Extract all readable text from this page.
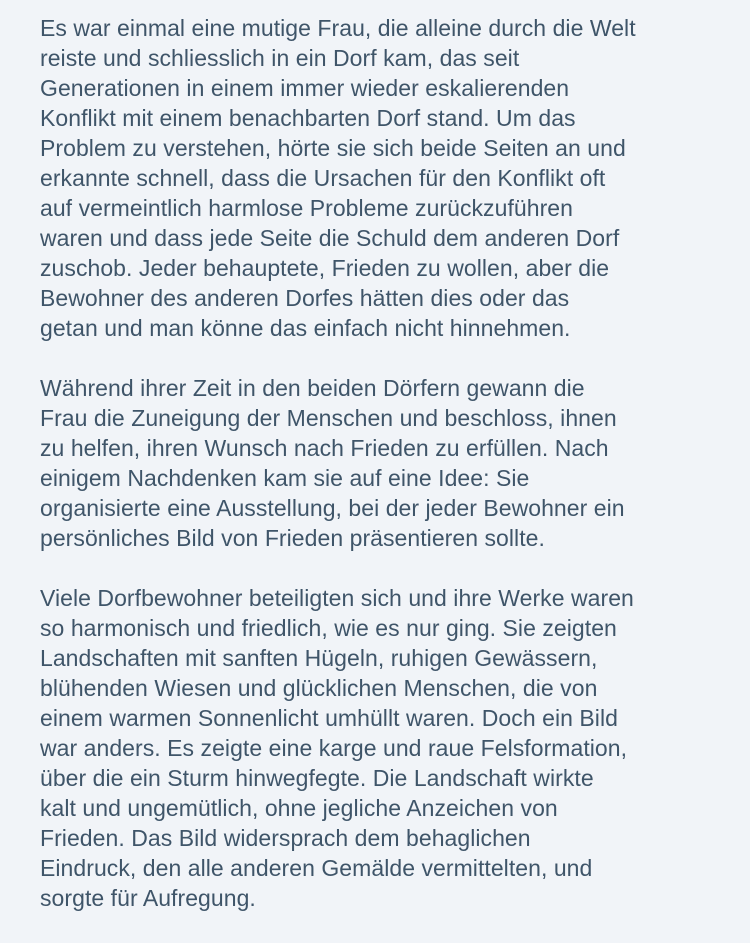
Es war einmal eine mutige Frau, die alleine durch die Welt
reiste und schliesslich in ein Dorf kam, das seit
Generationen in einem immer wieder eskalierenden
Konflikt mit einem benachbarten Dorf stand. Um das
Problem zu verstehen, hörte sie sich beide Seiten an und
erkannte schnell, dass die Ursachen für den Konflikt oft
auf vermeintlich harmlose Probleme zurückzuführen
waren und dass jede Seite die Schuld dem anderen Dorf
zuschob. Jeder behauptete, Frieden zu wollen, aber die
Bewohner des anderen Dorfes hätten dies oder das
getan und man könne das einfach nicht hinnehmen.
Während ihrer Zeit in den beiden Dörfern gewann die
Frau die Zuneigung der Menschen und beschloss, ihnen
zu helfen, ihren Wunsch nach Frieden zu erfüllen. Nach
einigem Nachdenken kam sie auf eine Idee: Sie
organisierte eine Ausstellung, bei der jeder Bewohner ein
persönliches Bild von Frieden präsentieren sollte.
Viele Dorfbewohner beteiligten sich und ihre Werke waren
so harmonisch und friedlich, wie es nur ging. Sie zeigten
Landschaften mit sanften Hügeln, ruhigen Gewässern,
blühenden Wiesen und glücklichen Menschen, die von
einem warmen Sonnenlicht umhüllt waren. Doch ein Bild
war anders. Es zeigte eine karge und raue Felsformation,
über die ein Sturm hinwegfegte. Die Landschaft wirkte
kalt und ungemütlich, ohne jegliche Anzeichen von
Frieden. Das Bild widersprach dem behaglichen
Eindruck, den alle anderen Gemälde vermittelten, und
sorgte für Aufregung.
